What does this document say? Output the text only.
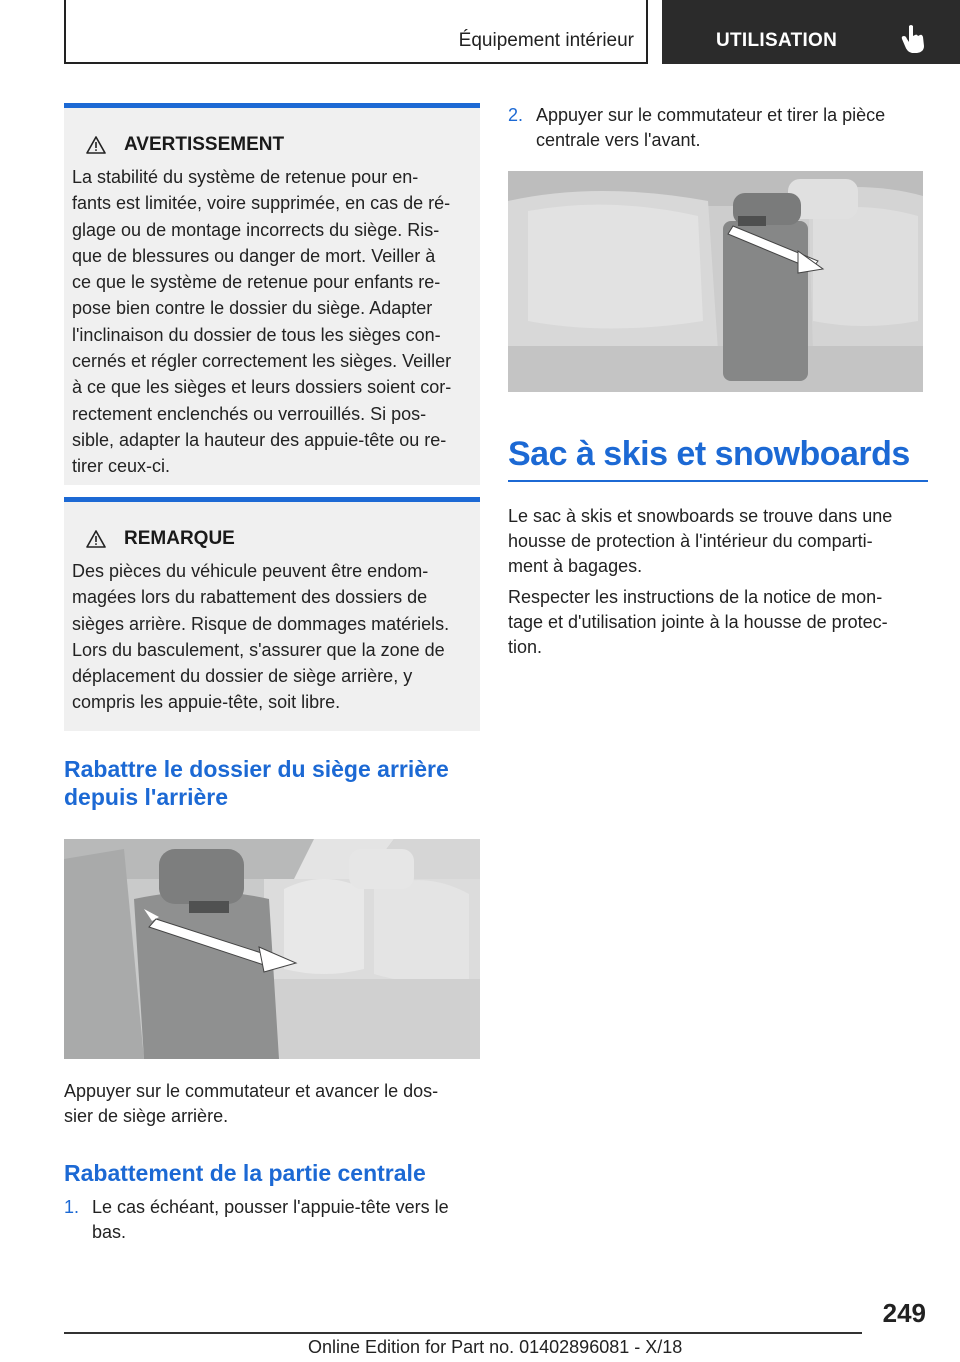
Équipement intérieur	UTILISATION
AVERTISSEMENT
La stabilité du système de retenue pour en-
fants est limitée, voire supprimée, en cas de ré-
glage ou de montage incorrects du siège. Ris-
que de blessures ou danger de mort. Veiller à
ce que le système de retenue pour enfants re-
pose bien contre le dossier du siège. Adapter
l'inclinaison du dossier de tous les sièges con-
cernés et régler correctement les sièges. Veiller
à ce que les sièges et leurs dossiers soient cor-
rectement enclenchés ou verrouillés. Si pos-
sible, adapter la hauteur des appuie-tête ou re-
tirer ceux-ci.
REMARQUE
Des pièces du véhicule peuvent être endom-
magées lors du rabattement des dossiers de
sièges arrière. Risque de dommages matériels.
Lors du basculement, s'assurer que la zone de
déplacement du dossier de siège arrière, y
compris les appuie-tête, soit libre.
Rabattre le dossier du siège arrière
depuis l'arrière

Appuyer sur le commutateur et avancer le dos-
sier de siège arrière.

Rabattement de la partie centrale
1. Le cas échéant, pousser l'appuie-tête vers le
bas.
2. Appuyer sur le commutateur et tirer la pièce
centrale vers l'avant.
Sac à skis et snowboards

Le sac à skis et snowboards se trouve dans une
housse de protection à l'intérieur du comparti-
ment à bagages.

Respecter les instructions de la notice de mon-
tage et d'utilisation jointe à la housse de protec-
tion.

249
Online Edition for Part no. 01402896081 - X/18
